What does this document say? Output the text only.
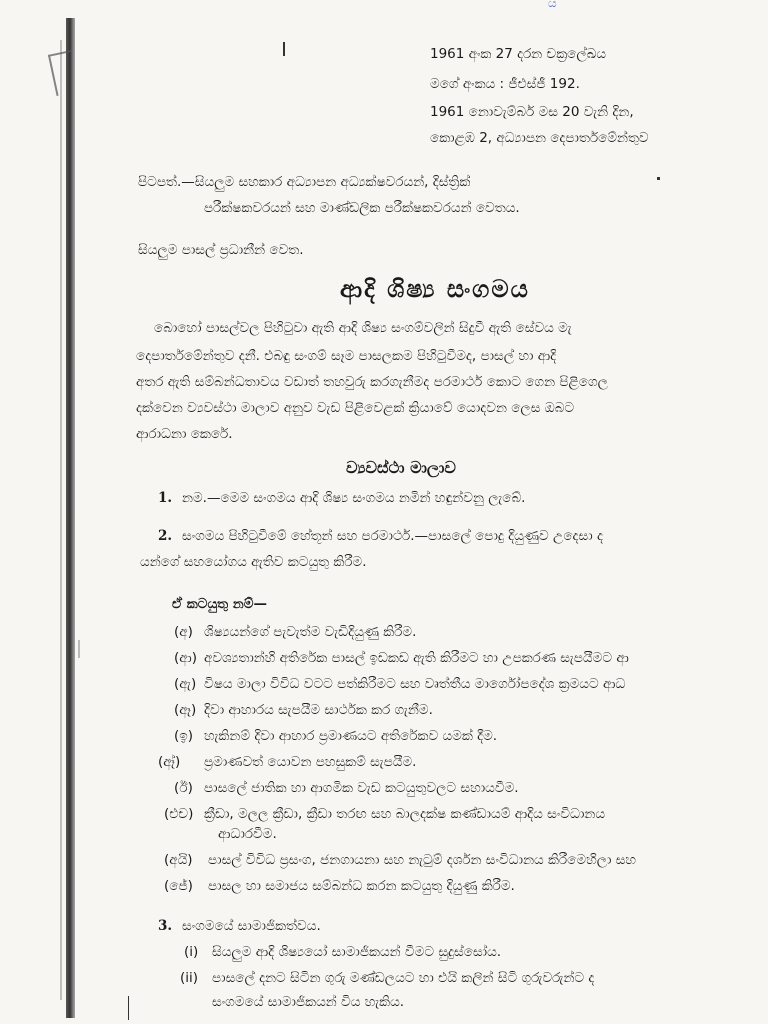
ය
1961 අංක 27 දරන චක්‍රලේඛය
මගේ අංකය : ජීඑස්ජී 192.
1961 නොවැම්බර් මස 20 වැනි දින,
කොළඹ 2, අධ්‍යාපන දෙපාර්තමේන්තුව
පිටපත්.—සියලුම සහකාර අධ්‍යාපන අධ්‍යක්ෂවරයන්, දිස්ත්‍රික්
පරීක්ෂකවරයන් සහ මාණ්ඩලික පරීක්ෂකවරයන් වෙතය.
සියලුම පාසල් ප්‍රධානීන් වෙත.
ආදි ශිෂ්‍ය සංගමය
බොහෝ පාසල්වල පිහිටුවා ඇති ආදි ශිෂ්‍ය සංගම්වලින් සිදුවී ඇති සේවය මැ
දෙපාර්තමේන්තුව දනී. එබඳු සංගම් සෑම පාසලකම පිහිටුවීමද, පාසල් හා ආදි
අතර ඇති සම්බන්ධතාවය වඩාත් තහවුරු කරගැනීමද පරමාර්ථ කොට ගෙන පිළිගෙල
දක්වෙන ව්‍යවස්ථා මාලාව අනුව වැඩ පිළිවෙළක් ක්‍රියාවේ යොදවන ලෙස ඔබට
ආරාධනා කෙරේ.
ව්‍යවස්ථා මාලාව
1. නම.—මෙම සංගමය ආදි ශිෂ්‍ය සංගමය නමින් හඳුන්වනු ලැබේ.
2. සංගමය පිහිටුවීමේ හේතූන් සහ පරමාර්ථ.—පාසලේ පොදු දියුණුව උදෙසා ද
යන්ගේ සහයෝගය ඇතිව කටයුතු කිරීම.
ඒ කටයුතු නම්—
(අ) ශිෂ්‍යයන්ගේ පැවැත්ම වැඩිදියුණු කිරීම.
(ආ) අවශ්‍යතාන්හි අතිරේක පාසල් ඉඩකඩ ඇති කිරීමට හා උපකරණ සැපයීමට ආ
(ඇ) විෂය මාලා විවිධ වටට පත්කිරීමට සහ වෘත්තීය මාර්ගෝපදේශ ක්‍රමයට ආධ
(ඈ) දිවා ආහාරය සැපයීම සාර්ථක කර ගැනීම.
(ඉ) හැකිනම් දිවා ආහාර ප්‍රමාණයට අතිරේකව යමක් දීම.
(ඈ්) ප්‍රමාණවත් යොවන පහසුකම් සැපයීම.
(ඊ) පාසලේ ජාතික හා ආගමික වැඩ කටයුතුවලට සහායවීම.
(එච) ක්‍රීඩා, මලල ක්‍රීඩා, ක්‍රීඩා තරඟ සහ බාලදක්ෂ කණ්ඩායම් ආදිය සංවිධානය
ආධාරවීම.
(අයි) පාසල් විවිධ ප්‍රසංග, ජනගායනා සහ නැටුම් දර්ශන සංවිධානය කිරීමෙහිලා සහ
(ජේ) පාසල හා සමාජය සම්බන්ධ කරන කටයුතු දියුණු කිරීම.
3. සංගමයේ සාමාජිකත්වය.
(i) සියලුම ආදි ශිෂ්‍යයෝ සාමාජිකයන් වීමට සුදුස්සෝය.
(ii) පාසලේ දනට සිටින ගුරු මණ්ඩලයට හා එයි කලින් සිටි ගුරුවරුන්ට ද
සංගමයේ සාමාජිකයන් විය හැකිය.
